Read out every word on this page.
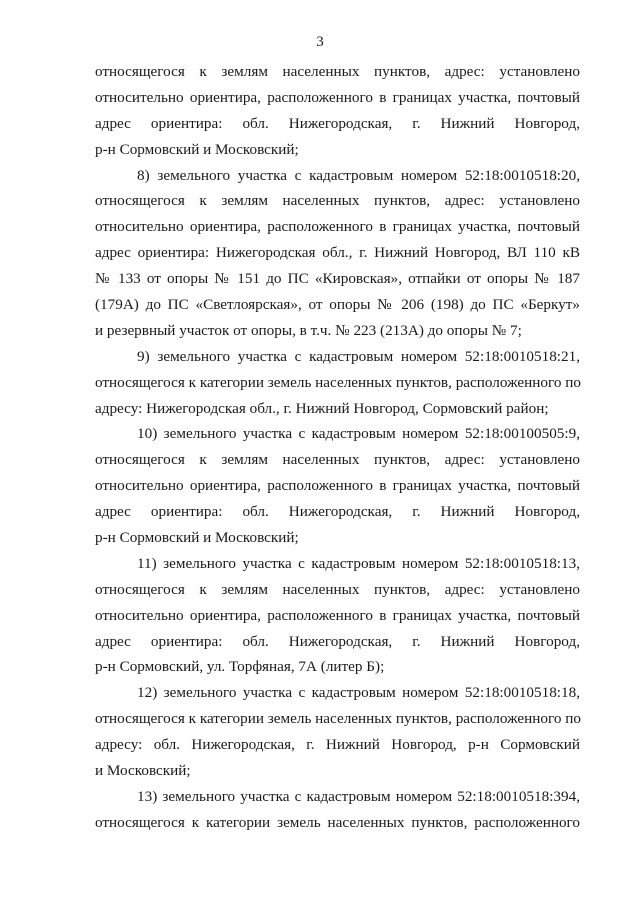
3
относящегося к землям населенных пунктов, адрес: установлено
относительно ориентира, расположенного в границах участка, почтовый
адрес ориентира: обл. Нижегородская, г. Нижний Новгород,
р-н Сормовский и Московский;
8) земельного участка с кадастровым номером 52:18:0010518:20,
относящегося к землям населенных пунктов, адрес: установлено
относительно ориентира, расположенного в границах участка, почтовый
адрес ориентира: Нижегородская обл., г. Нижний Новгород, ВЛ 110 кВ
№ 133 от опоры № 151 до ПС «Кировская», отпайки от опоры № 187
(179А) до ПС «Светлоярская», от опоры № 206 (198) до ПС «Беркут»
и резервный участок от опоры, в т.ч. № 223 (213А) до опоры № 7;
9) земельного участка с кадастровым номером 52:18:0010518:21,
относящегося к категории земель населенных пунктов, расположенного по
адресу: Нижегородская обл., г. Нижний Новгород, Сормовский район;
10) земельного участка с кадастровым номером 52:18:00100505:9,
относящегося к землям населенных пунктов, адрес: установлено
относительно ориентира, расположенного в границах участка, почтовый
адрес ориентира: обл. Нижегородская, г. Нижний Новгород,
р-н Сормовский и Московский;
11) земельного участка с кадастровым номером 52:18:0010518:13,
относящегося к землям населенных пунктов, адрес: установлено
относительно ориентира, расположенного в границах участка, почтовый
адрес ориентира: обл. Нижегородская, г. Нижний Новгород,
р-н Сормовский, ул. Торфяная, 7А (литер Б);
12) земельного участка с кадастровым номером 52:18:0010518:18,
относящегося к категории земель населенных пунктов, расположенного по
адресу: обл. Нижегородская, г. Нижний Новгород, р-н Сормовский
и Московский;
13) земельного участка с кадастровым номером 52:18:0010518:394,
относящегося к категории земель населенных пунктов, расположенного
